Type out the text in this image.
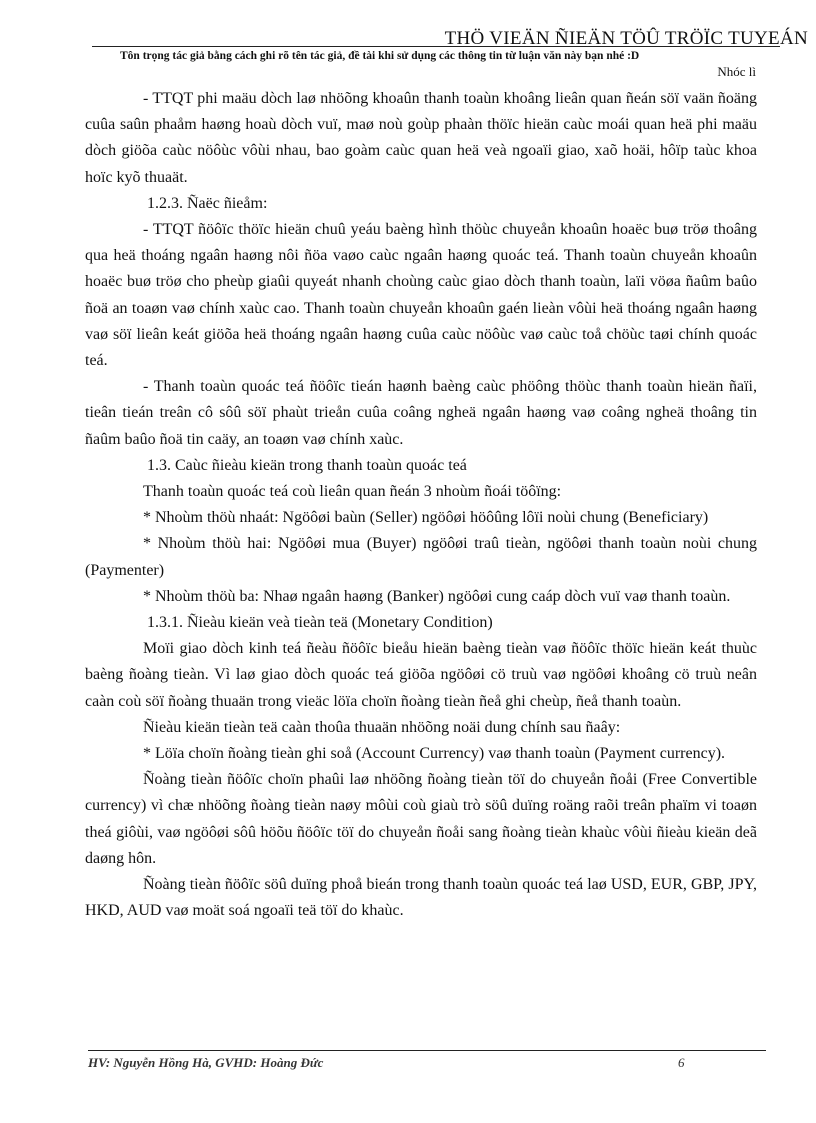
THÖ VIEÄN ÑIEÄN TÖÛ TRÖÏC TUYEÁN
Tôn trọng tác giả bằng cách ghi rõ tên tác giả, đề tài khi sử dụng các thông tin từ luận văn này bạn nhé :D
Nhóc lì

- TTQT phi maäu dòch laø nhöõng khoaûn thanh toaùn khoâng lieân quan ñeán söï vaän ñoäng cuûa saûn phaåm haøng hoaù dòch vuï, maø noù goùp phaàn thöïc hieän caùc moái quan heä phi maäu dòch giöõa caùc nöôùc vôùi nhau, bao goàm caùc quan heä veà ngoaïi giao, xaõ hoäi, hôïp taùc khoa hoïc kyõ thuaät.

1.2.3. Ñaëc ñieåm:

- TTQT ñöôïc thöïc hieän chuû yeáu baèng hình thöùc chuyeån khoaûn hoaëc buø tröø thoâng qua heä thoáng ngaân haøng nôi ñöa vaøo caùc ngaân haøng quoác teá. Thanh toaùn chuyeån khoaûn hoaëc buø tröø cho pheùp giaûi quyeát nhanh choùng caùc giao dòch thanh toaùn, laïi vöøa ñaûm baûo ñoä an toaøn vaø chính xaùc cao. Thanh toaùn chuyeån khoaûn gaén lieàn vôùi heä thoáng ngaân haøng vaø söï lieân keát giöõa heä thoáng ngaân haøng cuûa caùc nöôùc vaø caùc toå chöùc taøi chính quoác teá.

- Thanh toaùn quoác teá ñöôïc tieán haønh baèng caùc phöông thöùc thanh toaùn hieän ñaïi, tieân tieán treân cô sôû söï phaùt trieån cuûa coâng ngheä ngaân haøng vaø coâng ngheä thoâng tin ñaûm baûo ñoä tin caäy, an toaøn vaø chính xaùc.

1.3. Caùc ñieàu kieän trong thanh toaùn quoác teá

Thanh toaùn quoác teá coù lieân quan ñeán 3 nhoùm ñoái töôïng:

* Nhoùm thöù nhaát: Ngöôøi baùn (Seller) ngöôøi höôûng lôïi noùi chung (Beneficiary)

* Nhoùm thöù hai: Ngöôøi mua (Buyer) ngöôøi traû tieàn, ngöôøi thanh toaùn noùi chung (Paymenter)

* Nhoùm thöù ba: Nhaø ngaân haøng (Banker) ngöôøi cung caáp dòch vuï vaø thanh toaùn.

1.3.1. Ñieàu kieän veà tieàn teä (Monetary Condition)

Moïi giao dòch kinh teá ñeàu ñöôïc bieåu hieän baèng tieàn vaø ñöôïc thöïc hieän keát thuùc baèng ñoàng tieàn. Vì laø giao dòch quoác teá giöõa ngöôøi cö truù vaø ngöôøi khoâng cö truù neân caàn coù söï ñoàng thuaän trong vieäc löïa choïn ñoàng tieàn ñeå ghi cheùp, ñeå thanh toaùn.

Ñieàu kieän tieàn teä caàn thoûa thuaän nhöõng noäi dung chính sau ñaây:

* Löïa choïn ñoàng tieàn ghi soå (Account Currency) vaø thanh toaùn (Payment currency).

Ñoàng tieàn ñöôïc choïn phaûi laø nhöõng ñoàng tieàn töï do chuyeån ñoåi (Free Convertible currency) vì chæ nhöõng ñoàng tieàn naøy môùi coù giaù trò söû duïng roäng raõi treân phaïm vi toaøn theá giôùi, vaø ngöôøi sôû höõu ñöôïc töï do chuyeån ñoåi sang ñoàng tieàn khaùc vôùi ñieàu kieän deã daøng hôn.

Ñoàng tieàn ñöôïc söû duïng phoå bieán trong thanh toaùn quoác teá laø USD, EUR, GBP, JPY, HKD, AUD vaø moät soá ngoaïi teä töï do khaùc.

HV: Nguyễn Hồng Hà, GVHD: Hoàng Đức	6
